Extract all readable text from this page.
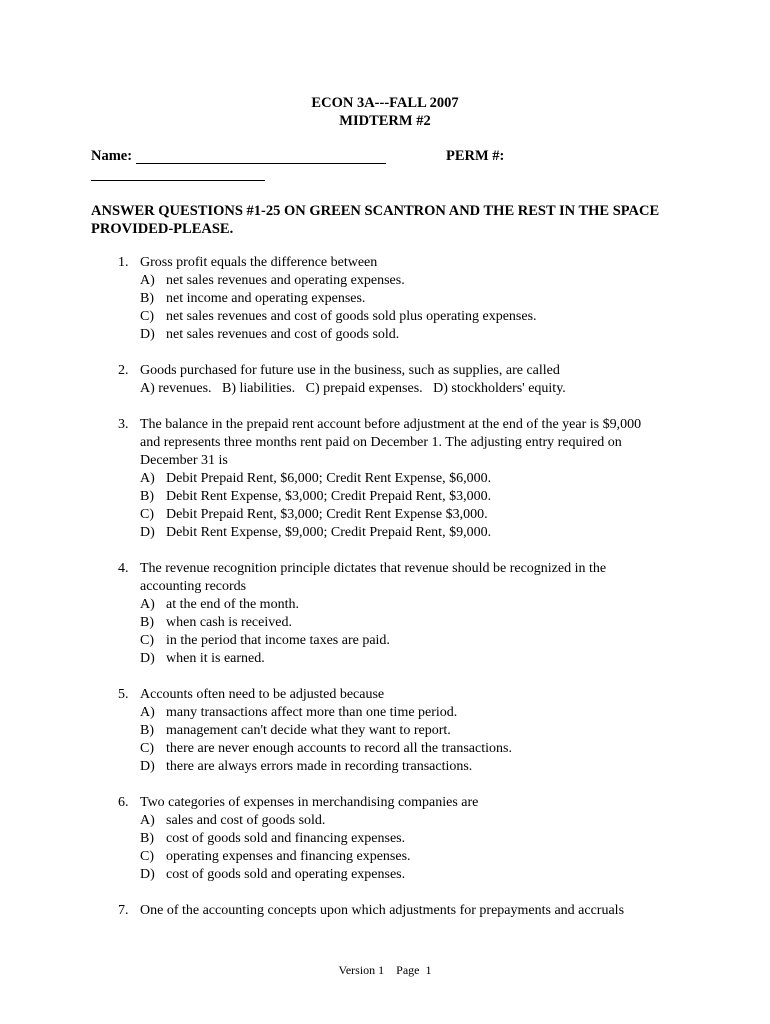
ECON 3A---FALL 2007
MIDTERM #2
Name:	PERM #:
ANSWER QUESTIONS #1-25 ON GREEN SCANTRON AND THE REST IN THE SPACE PROVIDED-PLEASE.
1. Gross profit equals the difference between
A) net sales revenues and operating expenses.
B) net income and operating expenses.
C) net sales revenues and cost of goods sold plus operating expenses.
D) net sales revenues and cost of goods sold.
2. Goods purchased for future use in the business, such as supplies, are called
A) revenues.   B) liabilities.   C) prepaid expenses.   D) stockholders' equity.
3. The balance in the prepaid rent account before adjustment at the end of the year is $9,000 and represents three months rent paid on December 1. The adjusting entry required on December 31 is
A) Debit Prepaid Rent, $6,000; Credit Rent Expense, $6,000.
B) Debit Rent Expense, $3,000; Credit Prepaid Rent, $3,000.
C) Debit Prepaid Rent, $3,000; Credit Rent Expense $3,000.
D) Debit Rent Expense, $9,000; Credit Prepaid Rent, $9,000.
4. The revenue recognition principle dictates that revenue should be recognized in the accounting records
A) at the end of the month.
B) when cash is received.
C) in the period that income taxes are paid.
D) when it is earned.
5. Accounts often need to be adjusted because
A) many transactions affect more than one time period.
B) management can't decide what they want to report.
C) there are never enough accounts to record all the transactions.
D) there are always errors made in recording transactions.
6. Two categories of expenses in merchandising companies are
A) sales and cost of goods sold.
B) cost of goods sold and financing expenses.
C) operating expenses and financing expenses.
D) cost of goods sold and operating expenses.
7. One of the accounting concepts upon which adjustments for prepayments and accruals
Version 1 Page  1
